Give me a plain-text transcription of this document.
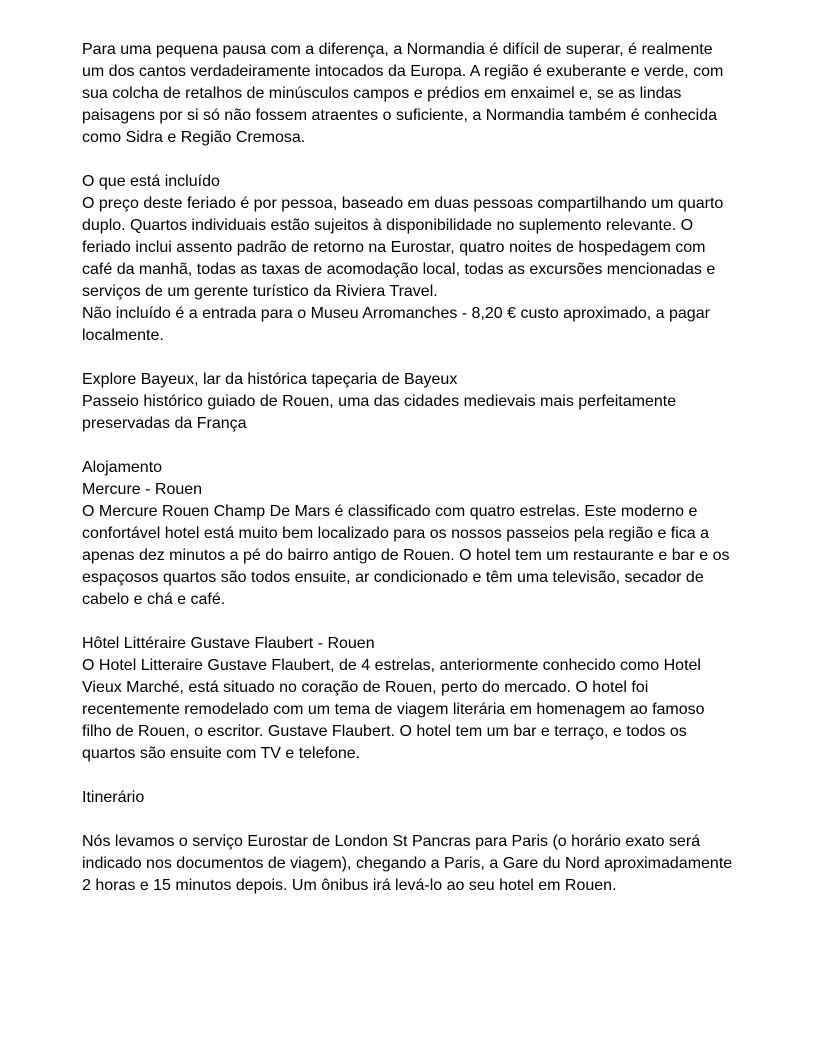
Para uma pequena pausa com a diferença, a Normandia é difícil de superar, é realmente um dos cantos verdadeiramente intocados da Europa. A região é exuberante e verde, com sua colcha de retalhos de minúsculos campos e prédios em enxaimel e, se as lindas paisagens por si só não fossem atraentes o suficiente, a Normandia também é conhecida como Sidra e Região Cremosa.

O que está incluído

O preço deste feriado é por pessoa, baseado em duas pessoas compartilhando um quarto duplo. Quartos individuais estão sujeitos à disponibilidade no suplemento relevante. O feriado inclui assento padrão de retorno na Eurostar, quatro noites de hospedagem com café da manhã, todas as taxas de acomodação local, todas as excursões mencionadas e serviços de um gerente turístico da Riviera Travel.

Não incluído é a entrada para o Museu Arromanches - 8,20 € custo aproximado, a pagar localmente.

Explore Bayeux, lar da histórica tapeçaria de Bayeux

Passeio histórico guiado de Rouen, uma das cidades medievais mais perfeitamente preservadas da França

Alojamento

Mercure - Rouen

O Mercure Rouen Champ De Mars é classificado com quatro estrelas. Este moderno e confortável hotel está muito bem localizado para os nossos passeios pela região e fica a apenas dez minutos a pé do bairro antigo de Rouen. O hotel tem um restaurante e bar e os espaçosos quartos são todos ensuite, ar condicionado e têm uma televisão, secador de cabelo e chá e café.

Hôtel Littéraire Gustave Flaubert - Rouen

O Hotel Litteraire Gustave Flaubert, de 4 estrelas, anteriormente conhecido como Hotel Vieux Marché, está situado no coração de Rouen, perto do mercado. O hotel foi recentemente remodelado com um tema de viagem literária em homenagem ao famoso filho de Rouen, o escritor. Gustave Flaubert. O hotel tem um bar e terraço, e todos os quartos são ensuite com TV e telefone.

Itinerário

Nós levamos o serviço Eurostar de London St Pancras para Paris (o horário exato será indicado nos documentos de viagem), chegando a Paris, a Gare du Nord aproximadamente 2 horas e 15 minutos depois. Um ônibus irá levá-lo ao seu hotel em Rouen.
